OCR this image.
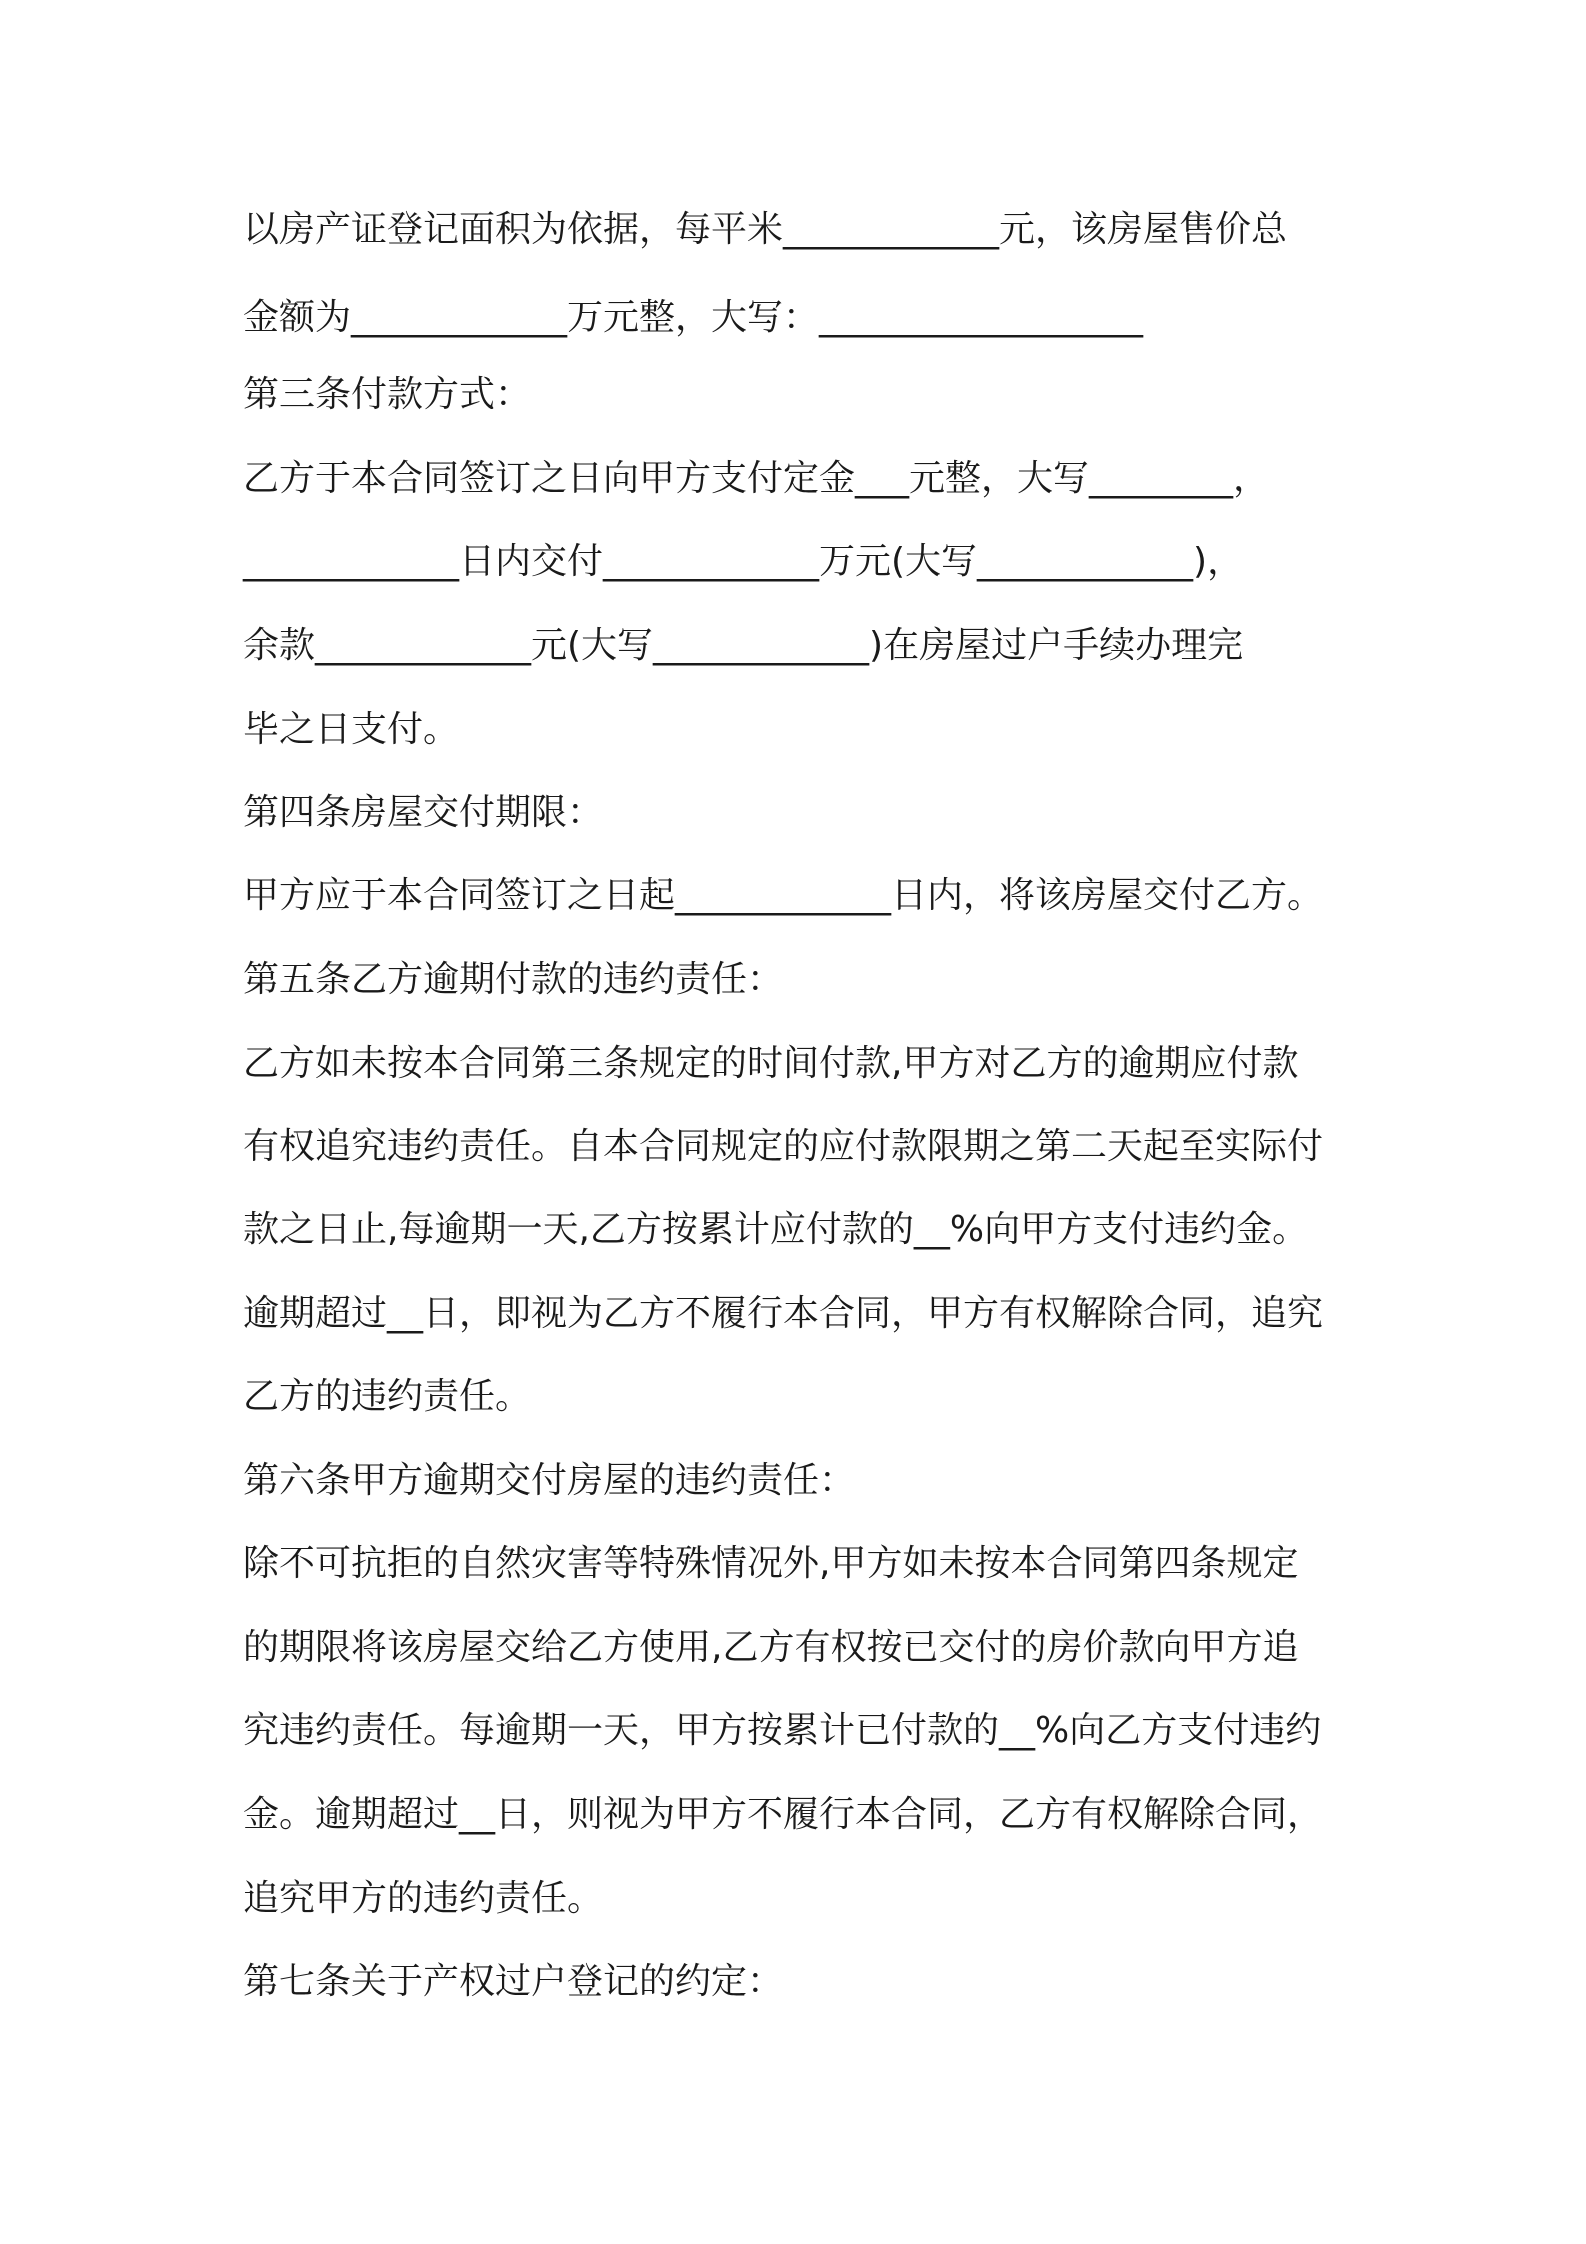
以房产证登记面积为依据，每平米____________元，该房屋售价总
金额为____________万元整，大写：__________________
第三条付款方式：
乙方于本合同签订之日向甲方支付定金___元整，大写________，
____________日内交付____________万元(大写____________)，
余款____________元(大写____________)在房屋过户手续办理完
毕之日支付。
第四条房屋交付期限：
甲方应于本合同签订之日起____________日内，将该房屋交付乙方。
第五条乙方逾期付款的违约责任：
乙方如未按本合同第三条规定的时间付款,甲方对乙方的逾期应付款
有权追究违约责任。自本合同规定的应付款限期之第二天起至实际付
款之日止,每逾期一天,乙方按累计应付款的__%向甲方支付违约金。
逾期超过__日，即视为乙方不履行本合同，甲方有权解除合同，追究
乙方的违约责任。
第六条甲方逾期交付房屋的违约责任：
除不可抗拒的自然灾害等特殊情况外,甲方如未按本合同第四条规定
的期限将该房屋交给乙方使用,乙方有权按已交付的房价款向甲方追
究违约责任。每逾期一天，甲方按累计已付款的__%向乙方支付违约
金。逾期超过__日，则视为甲方不履行本合同，乙方有权解除合同，
追究甲方的违约责任。
第七条关于产权过户登记的约定：
